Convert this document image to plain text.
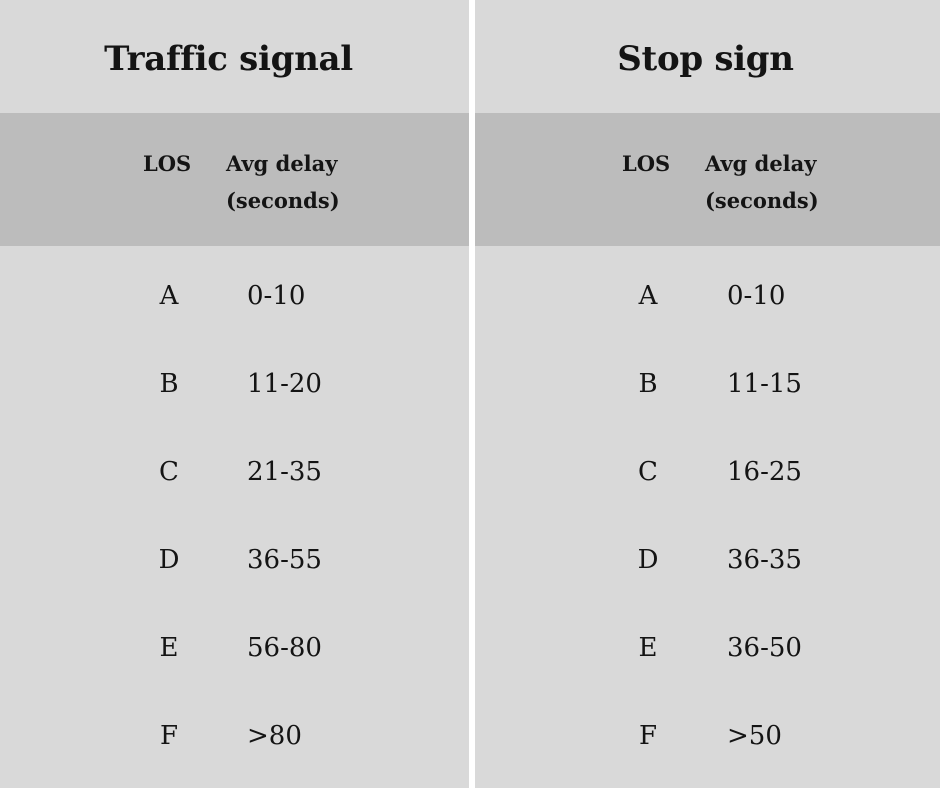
Traffic signal
LOS Avg delay
(seconds)
A	0-10
B	11-20
C	21-35
D	36-55
E	56-80
F	>80
Stop sign
LOS Avg delay
(seconds)
A	0-10
B	11-15
C	16-25
D	36-35
E	36-50
F	>50
